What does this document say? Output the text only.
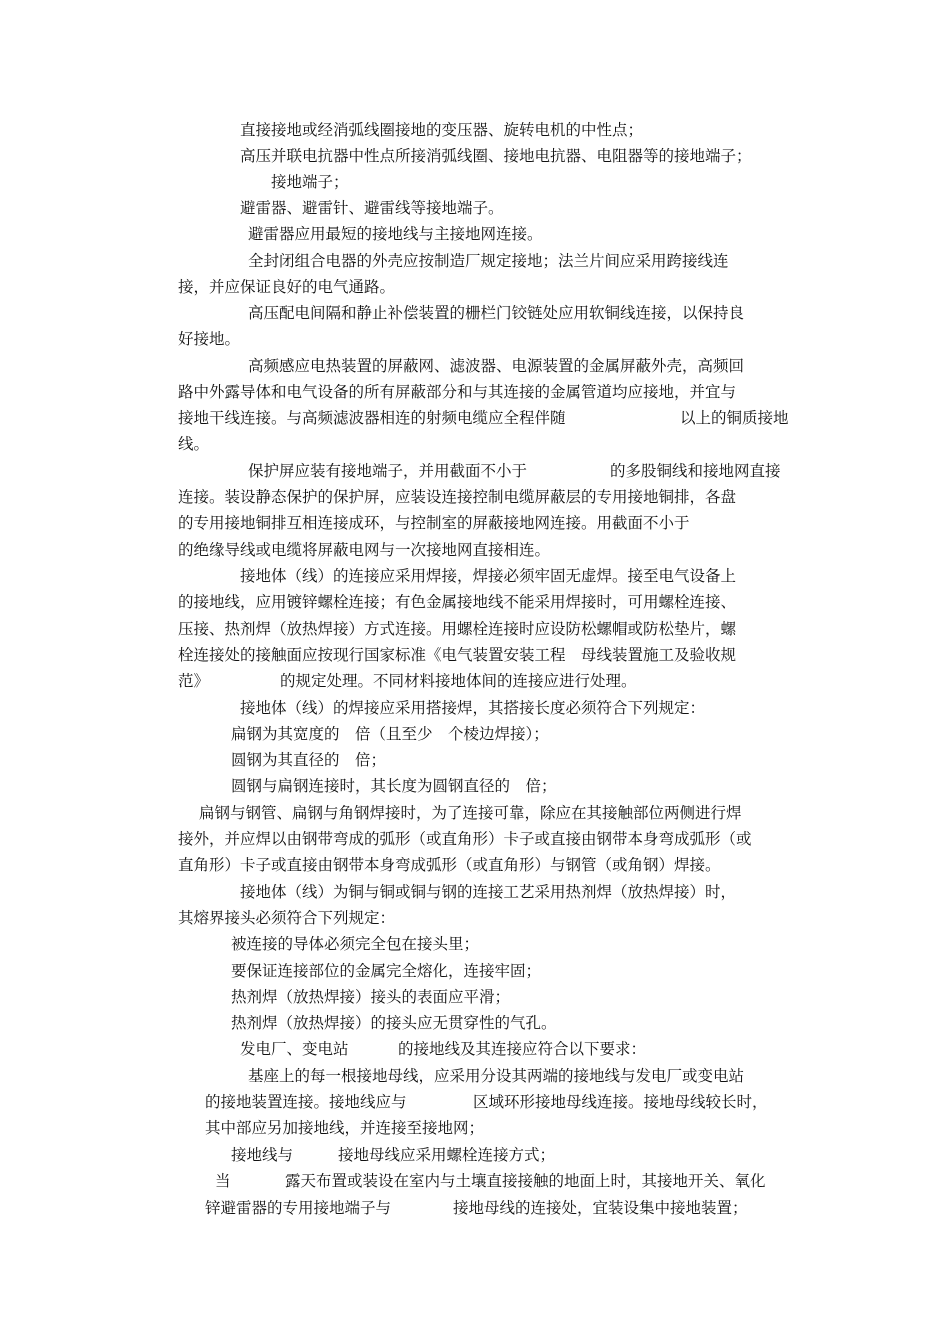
直接接地或经消弧线圈接地的变压器、旋转电机的中性点；
高压并联电抗器中性点所接消弧线圈、接地电抗器、电阻器等的接地端子；
接地端子；
避雷器、避雷针、避雷线等接地端子。
避雷器应用最短的接地线与主接地网连接。
全封闭组合电器的外壳应按制造厂规定接地；法兰片间应采用跨接线连
接，并应保证良好的电气通路。
高压配电间隔和静止补偿装置的栅栏门铰链处应用软铜线连接，以保持良
好接地。
高频感应电热装置的屏蔽网、滤波器、电源装置的金属屏蔽外壳，高频回
路中外露导体和电气设备的所有屏蔽部分和与其连接的金属管道均应接地，并宜与
接地干线连接。与高频滤波器相连的射频电缆应全程伴随	以上的铜质接地
线。
保护屏应装有接地端子，并用截面不小于	的多股铜线和接地网直接
连接。装设静态保护的保护屏，应装设连接控制电缆屏蔽层的专用接地铜排，各盘
的专用接地铜排互相连接成环，与控制室的屏蔽接地网连接。用截面不小于
的绝缘导线或电缆将屏蔽电网与一次接地网直接相连。
接地体（线）的连接应采用焊接，焊接必须牢固无虚焊。接至电气设备上
的接地线，应用镀锌螺栓连接；有色金属接地线不能采用焊接时，可用螺栓连接、
压接、热剂焊（放热焊接）方式连接。用螺栓连接时应设防松螺帽或防松垫片，螺
栓连接处的接触面应按现行国家标准《电气装置安装工程　母线装置施工及验收规
范》	的规定处理。不同材料接地体间的连接应进行处理。
接地体（线）的焊接应采用搭接焊，其搭接长度必须符合下列规定：
扁钢为其宽度的　倍（且至少　个棱边焊接）；
圆钢为其直径的　倍；
圆钢与扁钢连接时，其长度为圆钢直径的　倍；
扁钢与钢管、扁钢与角钢焊接时，为了连接可靠，除应在其接触部位两侧进行焊
接外，并应焊以由钢带弯成的弧形（或直角形）卡子或直接由钢带本身弯成弧形（或
直角形）卡子或直接由钢带本身弯成弧形（或直角形）与钢管（或角钢）焊接。
接地体（线）为铜与铜或铜与钢的连接工艺采用热剂焊（放热焊接）时，
其熔界接头必须符合下列规定：
被连接的导体必须完全包在接头里；
要保证连接部位的金属完全熔化，连接牢固；
热剂焊（放热焊接）接头的表面应平滑；
热剂焊（放热焊接）的接头应无贯穿性的气孔。
发电厂、变电站	的接地线及其连接应符合以下要求：
基座上的每一根接地母线，应采用分设其两端的接地线与发电厂或变电站
的接地装置连接。接地线应与	区域环形接地母线连接。接地母线较长时，
其中部应另加接地线，并连接至接地网；
接地线与	接地母线应采用螺栓连接方式；
当	露天布置或装设在室内与土壤直接接触的地面上时，其接地开关、氧化
锌避雷器的专用接地端子与	接地母线的连接处，宜装设集中接地装置；
